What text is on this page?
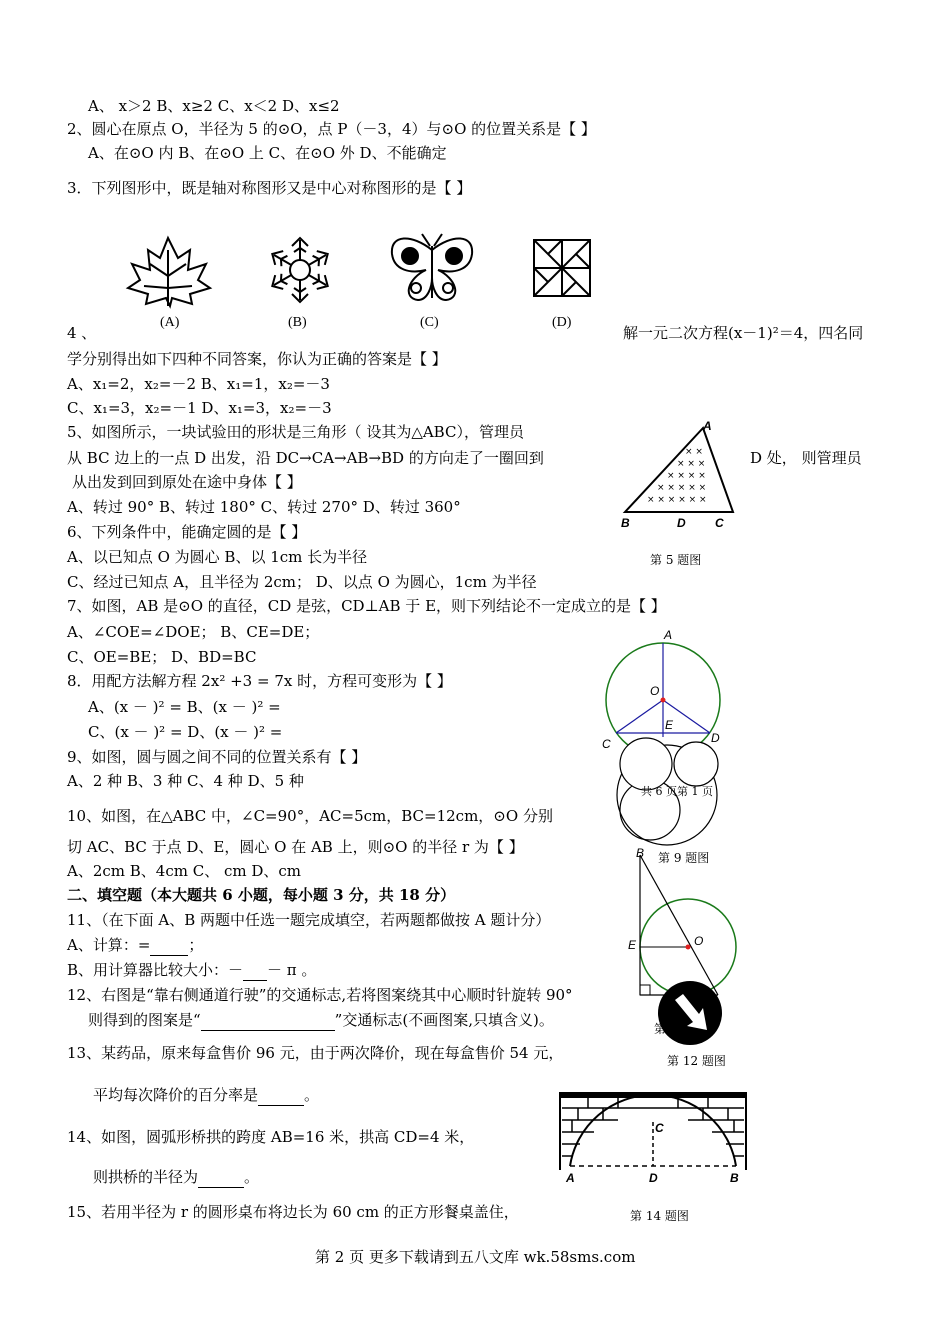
A、 x＞2 B、x≥2 C、x＜2 D、x≤2
2、圆心在原点 O，半径为 5 的⊙O，点 P（－3，4）与⊙O 的位置关系是【 】
A、在⊙O 内 B、在⊙O 上 C、在⊙O 外 D、不能确定
3．下列图形中，既是轴对称图形又是中心对称图形的是【 】
(A)	(B)	(C)	(D)
4 、	解一元二次方程(x－1)²＝4，四名同
学分别得出如下四种不同答案，你认为正确的答案是【 】
A、x₁=2，x₂=－2 B、x₁=1，x₂=－3
C、x₁=3，x₂=－1 D、x₁=3，x₂=－3
5、如图所示，一块试验田的形状是三角形（ 设其为△ABC），管理员
从 BC 边上的一点 D 出发，沿 DC→CA→AB→BD 的方向走了一圈回到	D 处， 则管理员
从出发到回到原处在途中身体【 】
A、转过 90° B、转过 180° C、转过 270° D、转过 360°
× ×
× × ×
× × × ×
× × × × ×
× × × × × ×
A
B	D C
第 5 题图
6、下列条件中，能确定圆的是【 】
A、以已知点 O 为圆心 B、以 1cm 长为半径
C、经过已知点 A，且半径为 2cm； D、以点 O 为圆心，1cm 为半径
7、如图，AB 是⊙O 的直径，CD 是弦，CD⊥AB 于 E，则下列结论不一定成立的是【 】
A、∠COE=∠DOE； B、CE=DE；
C、OE=BE； D、BD=BC
A
O
E
C	D
8．用配方法解方程 2x² +3 = 7x 时，方程可变形为【 】
A、(x － )² = B、(x － )² =
C、(x － )² = D、(x － )² =
9、如图，圆与圆之间不同的位置关系有【 】
A、2 种 B、3 种 C、4 种 D、5 种
共 6 页第 1 页
第 9 题图
10、如图，在△ABC 中，∠C=90°，AC=5cm，BC=12cm，⊙O 分别
切 AC、BC 于点 D、E，圆心 O 在 AB 上，则⊙O 的半径 r 为【 】
A、2cm B、4cm C、 cm D、cm
二、填空题（本大题共 6 小题，每小题 3 分，共 18 分）
11、（在下面 A、B 两题中任选一题完成填空，若两题都做按 A 题计分）
A、计算：=	；
B、用计算器比较大小：－ － π 。
B
E	O
12、右图是“靠右侧通道行驶”的交通标志,若将图案绕其中心顺时针旋转 90°
则得到的图案是“	”交通标志(不画图案,只填含义)。	第
第 12 题图
13、某药品，原来每盒售价 96 元，由于两次降价，现在每盒售价 54 元，
平均每次降价的百分率是	。
14、如图，圆弧形桥拱的跨度 AB=16 米，拱高 CD=4 米，
则拱桥的半径为	。
C
A	D	B
第 14 题图
15、若用半径为 r 的圆形桌布将边长为 60 cm 的正方形餐桌盖住，
第 2 页 更多下载请到五八文库 wk.58sms.com
